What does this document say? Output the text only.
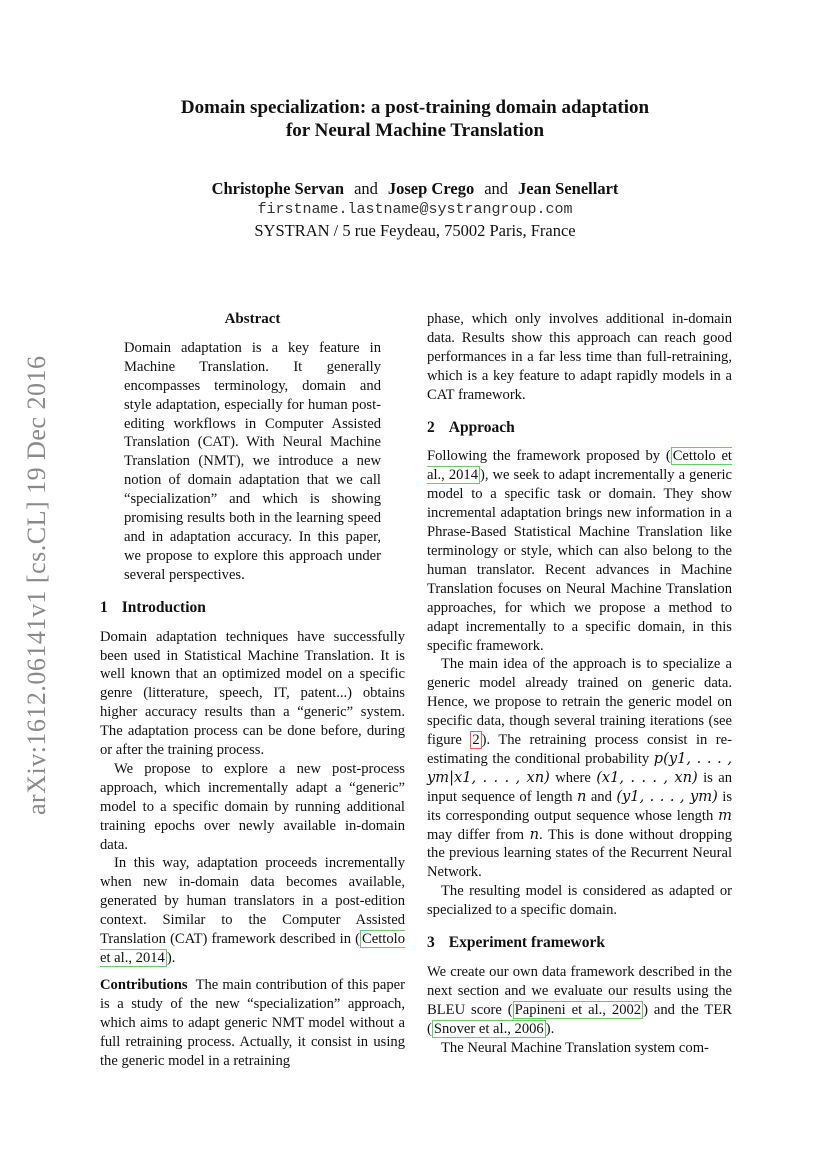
arXiv:1612.06141v1 [cs.CL] 19 Dec 2016
Domain specialization: a post-training domain adaptation
for Neural Machine Translation
Christophe Servan and Josep Crego and Jean Senellart
firstname.lastname@systrangroup.com
SYSTRAN / 5 rue Feydeau, 75002 Paris, France
Abstract

Domain adaptation is a key feature in Machine Translation. It generally encompasses terminology, domain and style adaptation, especially for human post-editing workflows in Computer Assisted Translation (CAT). With Neural Machine Translation (NMT), we introduce a new notion of domain adaptation that we call “specialization” and which is showing promising results both in the learning speed and in adaptation accuracy. In this paper, we propose to explore this approach under several perspectives.

1 Introduction

Domain adaptation techniques have successfully been used in Statistical Machine Translation. It is well known that an optimized model on a specific genre (litterature, speech, IT, patent...) obtains higher accuracy results than a “generic” system. The adaptation process can be done before, during or after the training process.

We propose to explore a new post-process approach, which incrementally adapt a “generic” model to a specific domain by running additional training epochs over newly available in-domain data.

In this way, adaptation proceeds incrementally when new in-domain data becomes available, generated by human translators in a post-edition context. Similar to the Computer Assisted Translation (CAT) framework described in ( Cettolo et al., 2014 ).

Contributions The main contribution of this paper is a study of the new “specialization” approach, which aims to adapt generic NMT model without a full retraining process. Actually, it consist in using the generic model in a retraining

phase, which only involves additional in-domain data. Results show this approach can reach good performances in a far less time than full-retraining, which is a key feature to adapt rapidly models in a CAT framework.

2 Approach

Following the framework proposed by ( Cettolo et al., 2014 ), we seek to adapt incrementally a generic model to a specific task or domain. They show incremental adaptation brings new information in a Phrase-Based Statistical Machine Translation like terminology or style, which can also belong to the human translator. Recent advances in Machine Translation focuses on Neural Machine Translation approaches, for which we propose a method to adapt incrementally to a specific domain, in this specific framework.

The main idea of the approach is to specialize a generic model already trained on generic data. Hence, we propose to retrain the generic model on specific data, though several training iterations (see figure 2 ). The retraining process consist in re-estimating the conditional probability p(y1, . . . , ym|x1, . . . , xn) where (x1, . . . , xn) is an input sequence of length n and (y1, . . . , ym) is its corresponding output sequence whose length m may differ from n. This is done without dropping the previous learning states of the Recurrent Neural Network.

The resulting model is considered as adapted or specialized to a specific domain.

3 Experiment framework

We create our own data framework described in the next section and we evaluate our results using the BLEU score ( Papineni et al., 2002 ) and the TER ( Snover et al., 2006 ).

The Neural Machine Translation system com-
